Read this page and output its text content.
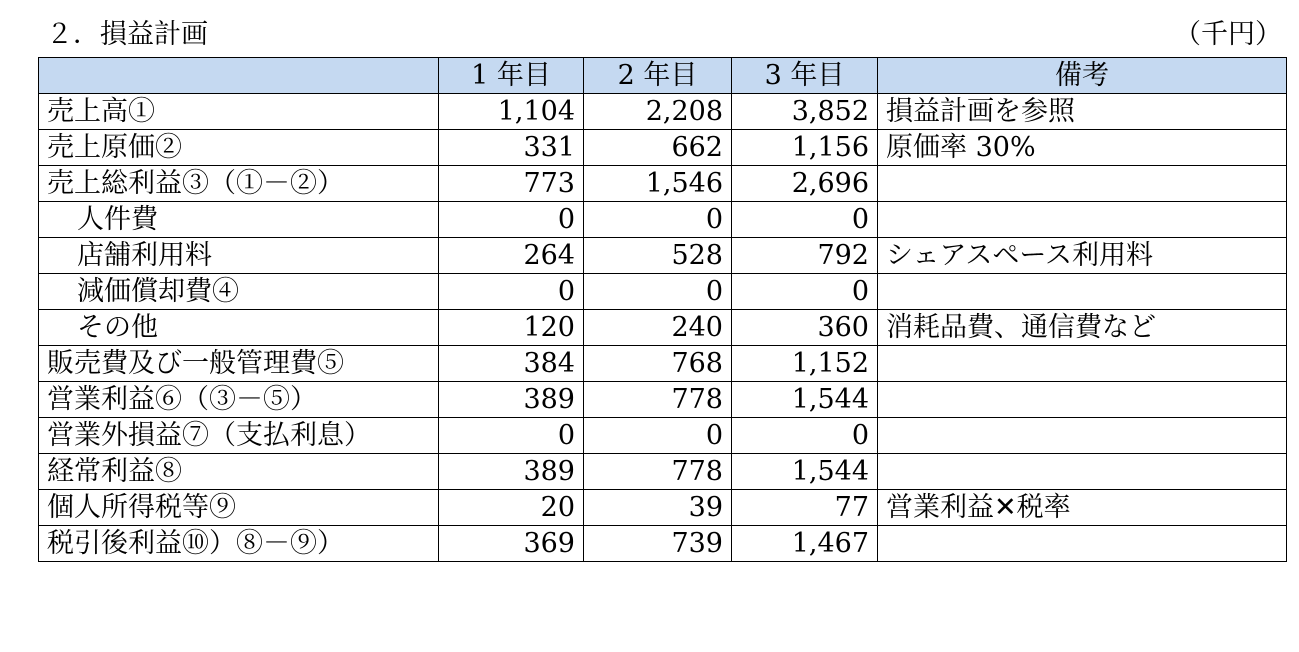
２．損益計画	（千円）
	1 年目	2 年目	3 年目	備考
売上高①	1,104	2,208	3,852	損益計画を参照
売上原価②	331	662	1,156	原価率 30%
売上総利益③（①－②）	773	1,546	2,696	
人件費	0	0	0	
店舗利用料	264	528	792	シェアスペース利用料
減価償却費④	0	0	0	
その他	120	240	360	消耗品費、通信費など
販売費及び一般管理費⑤	384	768	1,152	
営業利益⑥（③－⑤）	389	778	1,544	
営業外損益⑦（支払利息）	0	0	0	
経常利益⑧	389	778	1,544	
個人所得税等⑨	20	39	77	営業利益✕税率
税引後利益⑩）⑧－⑨）	369	739	1,467	
